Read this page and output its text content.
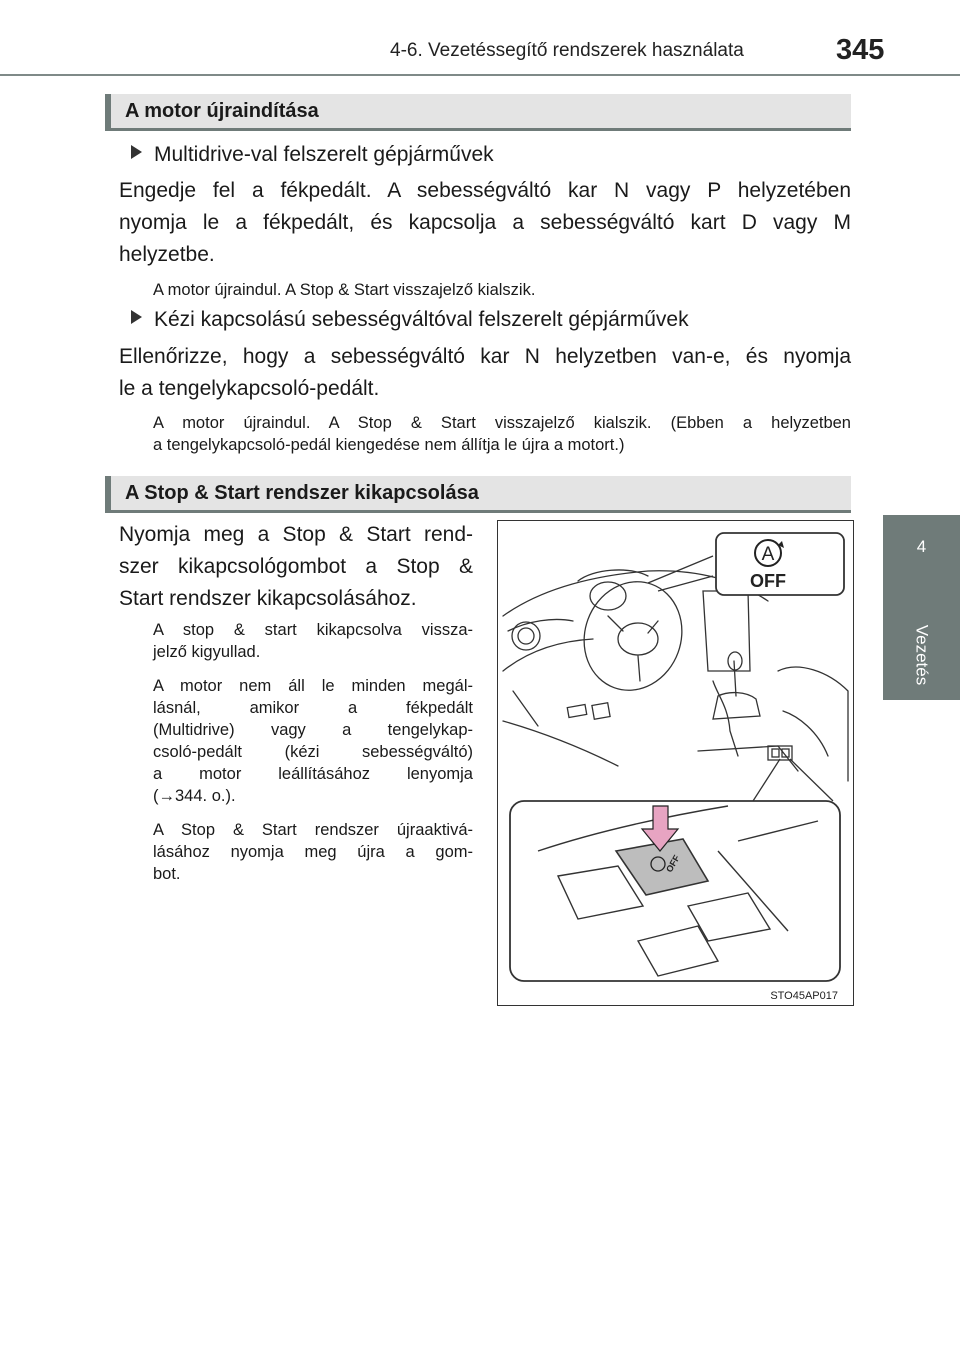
4-6. Vezetéssegítő rendszerek használata	345
4
Vezetés
A motor újraindítása
Multidrive-val felszerelt gépjárművek
Engedje fel a fékpedált. A sebességváltó kar N vagy P helyzetében
nyomja le a fékpedált, és kapcsolja a sebességváltó kart D vagy M
helyzetbe.
A motor újraindul. A Stop & Start visszajelző kialszik.
Kézi kapcsolású sebességváltóval felszerelt gépjárművek
Ellenőrizze, hogy a sebességváltó kar N helyzetben van-e, és nyomja
le a tengelykapcsoló-pedált.
A motor újraindul. A Stop & Start visszajelző kialszik. (Ebben a helyzetben
a tengelykapcsoló-pedál kiengedése nem állítja le újra a motort.)
A Stop & Start rendszer kikapcsolása
Nyomja meg a Stop & Start rend-
szer kikapcsológombot a Stop &
Start rendszer kikapcsolásához.
A stop & start kikapcsolva vissza-
jelző kigyullad.
A motor nem áll le minden megál-
lásnál, amikor a fékpedált
(Multidrive) vagy a tengelykap-
csoló-pedált (kézi sebességváltó)
a motor leállításához lenyomja
(→344. o.).
A Stop & Start rendszer újraaktivá-
lásához nyomja meg újra a gom-
bot.
A
OFF
OFF
STO45AP017
